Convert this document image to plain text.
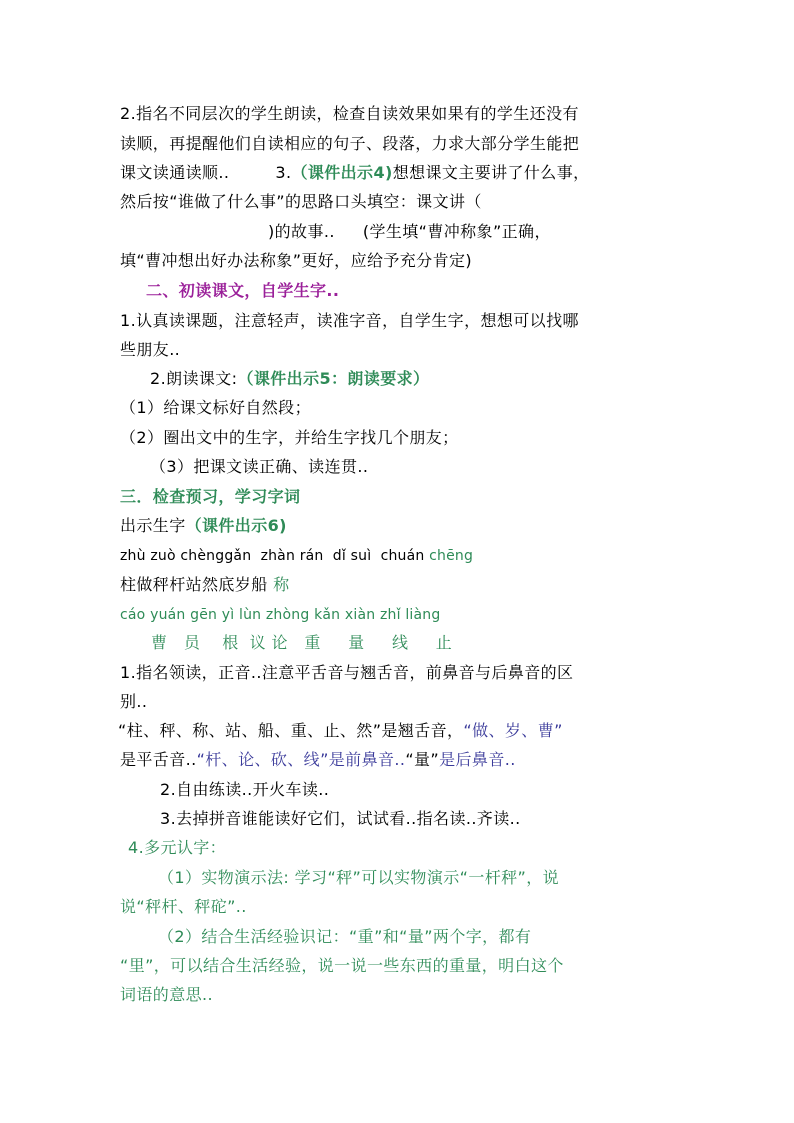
2.指名不同层次的学生朗读，检查自读效果如果有的学生还没有
读顺，再提醒他们自读相应的句子、段落，力求大部分学生能把
课文读通读顺..	3.（课件出示4)想想课文主要讲了什么事，
然后按“谁做了什么事”的思路口头填空：课文讲（
)的故事.. (学生填“曹冲称象”正确，
填“曹冲想出好办法称象”更好，应给予充分肯定)
二、初读课文，自学生字..
1.认真读课题，注意轻声，读准字音，自学生字，想想可以找哪
些朋友..
2.朗读课文:（课件出示5：朗读要求）
（1）给课文标好自然段；
（2）圈出文中的生字，并给生字找几个朋友；
（3）把课文读正确、读连贯..
三．检查预习，学习字词
出示生字（课件出示6)
zhù zuò chènggǎn  zhàn rán  dǐ suì  chuán chēng
柱做秤杆站然底岁船 称
cáo yuán gēn yì lùn zhòng kǎn xiàn zhǐ liàng
曹   员    根  议 论   重     量     线     止
1.指名领读，正音..注意平舌音与翘舌音，前鼻音与后鼻音的区
别..
“柱、秤、称、站、船、重、止、然”是翘舌音，“做、岁、曹”
是平舌音..“杆、论、砍、线”是前鼻音..“量”是后鼻音..
2.自由练读..开火车读..
3.去掉拼音谁能读好它们，试试看..指名读..齐读..
4.多元认字：
（1）实物演示法: 学习“秤”可以实物演示“一杆秤”，说
说“秤杆、秤砣”..
（2）结合生活经验识记：“重”和“量”两个字，都有
“里”，可以结合生活经验，说一说一些东西的重量，明白这个
词语的意思..
